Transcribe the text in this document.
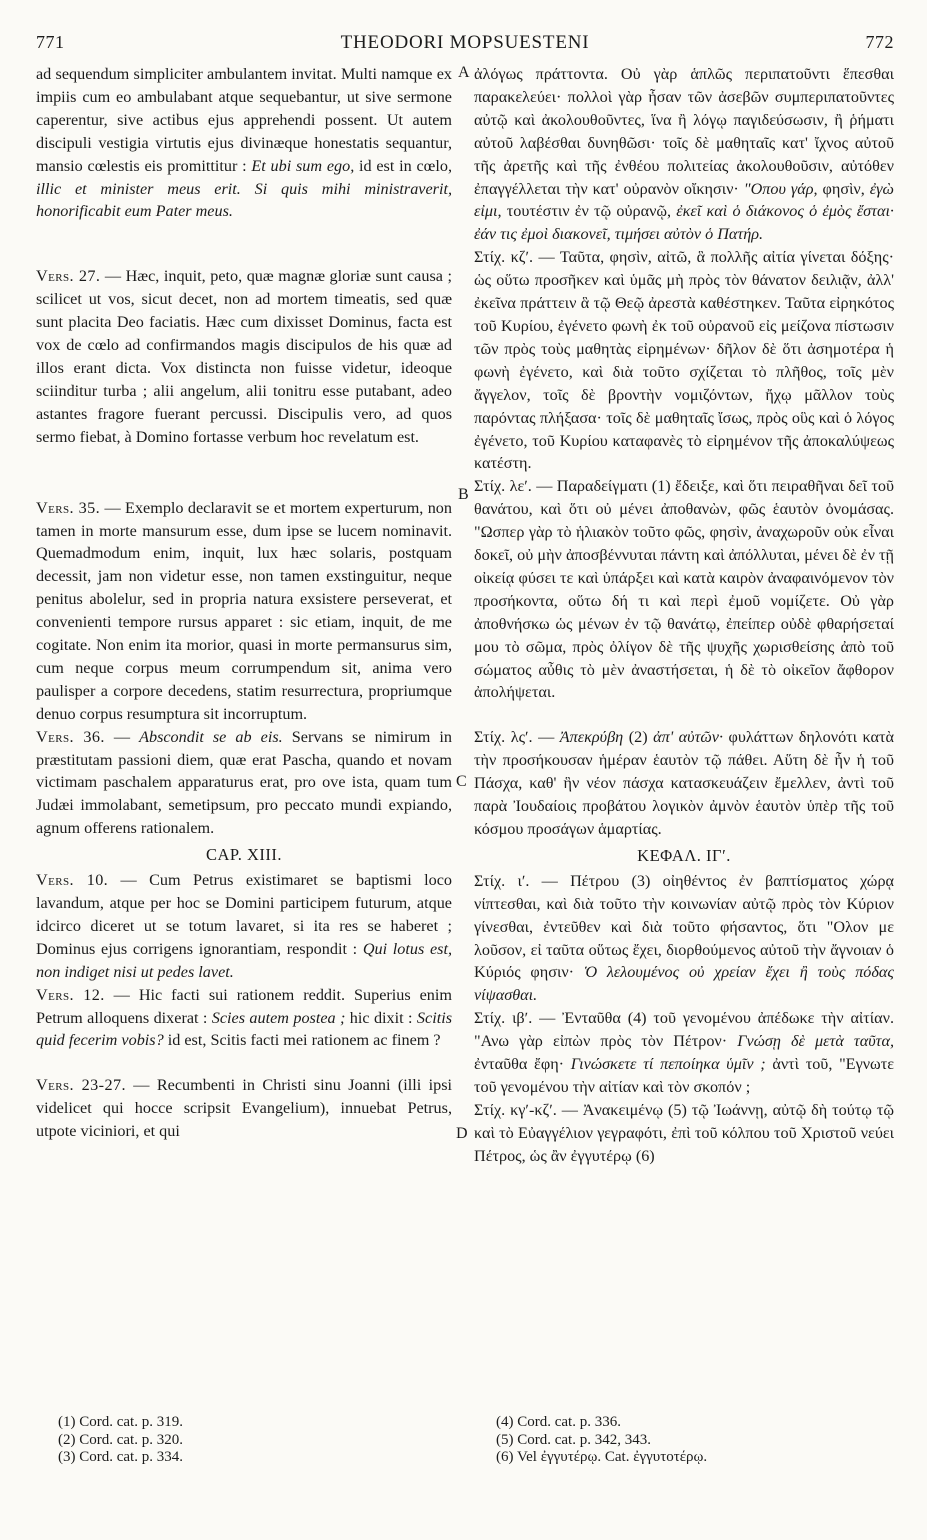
771	THEODORI MOPSUESTENI	772

ad sequendum simpliciter ambulantem invitat. Multi namque ex impiis cum eo ambulabant atque sequebantur, ut sive sermone caperentur, sive actibus ejus apprehendi possent. Ut autem discipuli vestigia virtutis ejus divinæque honestatis sequantur, mansio cœlestis eis promittitur : Et ubi sum ego, id est in cœlo, illic et minister meus erit. Si quis mihi ministraverit, honorificabit eum Pater meus.

Vers. 27. — Hæc, inquit, peto, quæ magnæ gloriæ sunt causa ; scilicet ut vos, sicut decet, non ad mortem timeatis, sed quæ sunt placita Deo faciatis. Hæc cum dixisset Dominus, facta est vox de cœlo ad confirmandos magis discipulos de his quæ ad illos erant dicta. Vox distincta non fuisse videtur, ideoque sciinditur turba ; alii angelum, alii tonitru esse putabant, adeo astantes fragore fuerant percussi. Discipulis vero, ad quos sermo fiebat, à Domino fortasse verbum hoc revelatum est.

Vers. 35. — Exemplo declaravit se et mortem experturum, non tamen in morte mansurum esse, dum ipse se lucem nominavit. Quemadmodum enim, inquit, lux hæc solaris, postquam decessit, jam non videtur esse, non tamen exstinguitur, neque penitus abolelur, sed in propria natura exsistere perseverat, et convenienti tempore rursus apparet : sic etiam, inquit, de me cogitate. Non enim ita morior, quasi in morte permansurus sim, cum neque corpus meum corrumpendum sit, anima vero paulisper a corpore decedens, statim resurrectura, propriumque denuo corpus resumptura sit incorruptum.

Vers. 36. — Abscondit se ab eis. Servans se nimirum in præstitutam passioni diem, quæ erat Pascha, quando et novam victimam paschalem apparaturus erat, pro ove ista, quam tum Judæi immolabant, semetipsum, pro peccato mundi expiando, agnum offerens rationalem.

CAP. XIII.

Vers. 10. — Cum Petrus existimaret se baptismi loco lavandum, atque per hoc se Domini participem futurum, atque idcirco diceret ut se totum lavaret, si ita res se haberet ; Dominus ejus corrigens ignorantiam, respondit : Qui lotus est, non indiget nisi ut pedes lavet.

Vers. 12. — Hic facti sui rationem reddit. Superius enim Petrum alloquens dixerat : Scies autem postea ; hic dixit : Scitis quid fecerim vobis? id est, Scitis facti mei rationem ac finem ?

Vers. 23-27. — Recumbenti in Christi sinu Joanni (illi ipsi videlicet qui hocce scripsit Evangelium), innuebat Petrus, utpote viciniori, et qui

ἀλόγως πράττοντα. Οὐ γὰρ ἁπλῶς περιπατοῦντι ἕπεσθαι παρακελεύει· πολλοὶ γὰρ ἦσαν τῶν ἀσεβῶν συμπεριπατοῦντες αὐτῷ καὶ ἀκολουθοῦντες, ἵνα ἢ λόγῳ παγιδεύσωσιν, ἢ ῥήματι αὐτοῦ λαβέσθαι δυνηθῶσι· τοῖς δὲ μαθηταῖς κατ' ἴχνος αὐτοῦ τῆς ἀρετῆς καὶ τῆς ἐνθέου πολιτείας ἀκολουθοῦσιν, αὐτόθεν ἐπαγγέλλεται τὴν κατ' οὐρανὸν οἴκησιν· "Οπου γάρ, φησὶν, ἐγὼ εἰμι, τουτέστιν ἐν τῷ οὐρανῷ, ἐκεῖ καὶ ὁ διάκονος ὁ ἐμὸς ἔσται· ἐάν τις ἐμοὶ διακονεῖ, τιμήσει αὐτὸν ὁ Πατήρ.

Στίχ. κζʹ. — Ταῦτα, φησὶν, αἰτῶ, ἃ πολλῆς αἰτία γίνεται δόξης· ὡς οὕτω προσῆκεν καὶ ὑμᾶς μὴ πρὸς τὸν θάνατον δειλιᾷν, ἀλλ' ἐκεῖνα πράττειν ἃ τῷ Θεῷ ἀρεστὰ καθέστηκεν. Ταῦτα εἰρηκότος τοῦ Κυρίου, ἐγένετο φωνὴ ἐκ τοῦ οὐρανοῦ εἰς μείζονα πίστωσιν τῶν πρὸς τοὺς μαθητὰς εἰρημένων· δῆλον δὲ ὅτι ἀσημοτέρα ἡ φωνὴ ἐγένετο, καὶ διὰ τοῦτο σχίζεται τὸ πλῆθος, τοῖς μὲν ἄγγελον, τοῖς δὲ βροντὴν νομιζόντων, ἤχῳ μᾶλλον τοὺς παρόντας πλήξασα· τοῖς δὲ μαθηταῖς ἴσως, πρὸς οὓς καὶ ὁ λόγος ἐγένετο, τοῦ Κυρίου καταφανὲς τὸ εἰρημένον τῆς ἀποκαλύψεως κατέστη.

Στίχ. λεʹ. — Παραδείγματι (1) ἔδειξε, καὶ ὅτι πειραθῆναι δεῖ τοῦ θανάτου, καὶ ὅτι οὐ μένει ἀποθανὼν, φῶς ἑαυτὸν ὀνομάσας. "Ωσπερ γὰρ τὸ ἡλιακὸν τοῦτο φῶς, φησὶν, ἀναχωροῦν οὐκ εἶναι δοκεῖ, οὐ μὴν ἀποσβέννυται πάντη καὶ ἀπόλλυται, μένει δὲ ἐν τῇ οἰκείᾳ φύσει τε καὶ ὑπάρξει καὶ κατὰ καιρὸν ἀναφαινόμενον τὸν προσήκοντα, οὕτω δή τι καὶ περὶ ἐμοῦ νομίζετε. Οὐ γὰρ ἀποθνήσκω ὡς μένων ἐν τῷ θανάτῳ, ἐπείπερ οὐδὲ φθαρήσεταί μου τὸ σῶμα, πρὸς ὀλίγον δὲ τῆς ψυχῆς χωρισθείσης ἀπὸ τοῦ σώματος αὖθις τὸ μὲν ἀναστήσεται, ἡ δὲ τὸ οἰκεῖον ἄφθορον ἀπολήψεται.

Στίχ. λςʹ. — Ἀπεκρύβη (2) ἀπ' αὐτῶν· φυλάττων δηλονότι κατὰ τὴν προσήκουσαν ἡμέραν ἑαυτὸν τῷ πάθει. Αὕτη δὲ ἦν ἡ τοῦ Πάσχα, καθ' ἣν νέον πάσχα κατασκευάζειν ἔμελλεν, ἀντὶ τοῦ παρὰ Ἰουδαίοις προβάτου λογικὸν ἀμνὸν ἑαυτὸν ὑπὲρ τῆς τοῦ κόσμου προσάγων ἁμαρτίας.

ΚΕΦΑΛ. ΙΓʹ.

Στίχ. ιʹ. — Πέτρου (3) οἰηθέντος ἐν βαπτίσματος χώρᾳ νίπτεσθαι, καὶ διὰ τοῦτο τὴν κοινωνίαν αὐτῷ πρὸς τὸν Κύριον γίνεσθαι, ἐντεῦθεν καὶ διὰ τοῦτο φήσαντος, ὅτι "Ολον με λοῦσον, εἰ ταῦτα οὕτως ἔχει, διορθούμενος αὐτοῦ τὴν ἄγνοιαν ὁ Κύριός φησιν· Ὁ λελουμένος οὐ χρείαν ἔχει ἢ τοὺς πόδας νίψασθαι.

Στίχ. ιβʹ. — Ἐνταῦθα (4) τοῦ γενομένου ἀπέδωκε τὴν αἰτίαν. "Ανω γὰρ εἰπὼν πρὸς τὸν Πέτρον· Γνώσῃ δὲ μετὰ ταῦτα, ἐνταῦθα ἔφη· Γινώσκετε τί πεποίηκα ὑμῖν ; ἀντὶ τοῦ, "Εγνωτε τοῦ γενομένου τὴν αἰτίαν καὶ τὸν σκοπόν ;

Στίχ. κγʹ-κζʹ. — Ἀνακειμένῳ (5) τῷ Ἰωάννῃ, αὐτῷ δὴ τούτῳ τῷ καὶ τὸ Εὐαγγέλιον γεγραφότι, ἐπὶ τοῦ κόλπου τοῦ Χριστοῦ νεύει Πέτρος, ὡς ἂν ἐγγυτέρῳ (6)

A
B
C
D
(1) Cord. cat. p. 319.
(2) Cord. cat. p. 320.
(3) Cord. cat. p. 334.
(4) Cord. cat. p. 336.
(5) Cord. cat. p. 342, 343.
(6) Vel ἐγγυτέρῳ. Cat. ἐγγυτοτέρῳ.
